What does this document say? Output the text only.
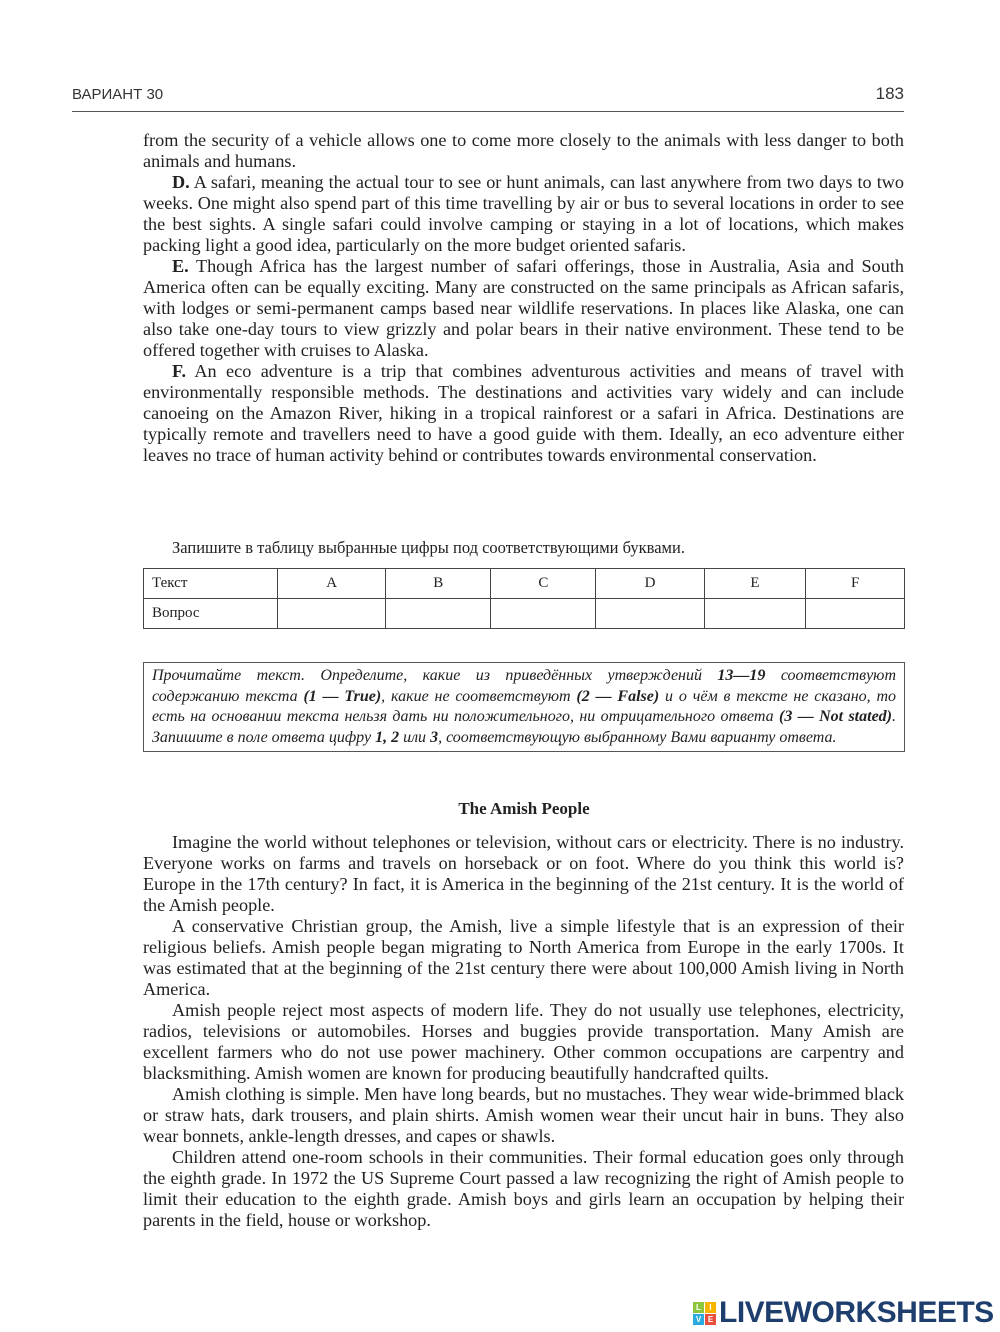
ВАРИАНТ 30	183

from the security of a vehicle allows one to come more closely to the animals with less danger to both animals and humans.

D. A safari, meaning the actual tour to see or hunt animals, can last anywhere from two days to two weeks. One might also spend part of this time travelling by air or bus to several locations in order to see the best sights. A single safari could involve camping or staying in a lot of locations, which makes packing light a good idea, particularly on the more budget oriented safaris.

E. Though Africa has the largest number of safari offerings, those in Australia, Asia and South America often can be equally exciting. Many are constructed on the same principals as African safaris, with lodges or semi-permanent camps based near wildlife reservations. In places like Alaska, one can also take one-day tours to view grizzly and polar bears in their native environment. These tend to be offered together with cruises to Alaska.

F. An eco adventure is a trip that combines adventurous activities and means of travel with environmentally responsible methods. The destinations and activities vary widely and can include canoeing on the Amazon River, hiking in a tropical rainforest or a safari in Africa. Destinations are typically remote and travellers need to have a good guide with them. Ideally, an eco adventure either leaves no trace of human activity behind or contributes towards environmental conservation.

Запишите в таблицу выбранные цифры под соответствующими буквами.
Текст	A	B	C	D	E	F
Вопрос						
Прочитайте текст. Определите, какие из приведённых утверждений 13—19 соответствуют содержанию текста (1 — True), какие не соответствуют (2 — False) и о чём в тексте не сказано, то есть на основании текста нельзя дать ни положительного, ни отрицательного ответа (3 — Not stated). Запишите в поле ответа цифру 1, 2 или 3, соответствующую выбранному Вами варианту ответа.
The Amish People

Imagine the world without telephones or television, without cars or electricity. There is no industry. Everyone works on farms and travels on horseback or on foot. Where do you think this world is? Europe in the 17th century? In fact, it is America in the beginning of the 21st century. It is the world of the Amish people.

A conservative Christian group, the Amish, live a simple lifestyle that is an expression of their religious beliefs. Amish people began migrating to North America from Europe in the early 1700s. It was estimated that at the beginning of the 21st century there were about 100,000 Amish living in North America.

Amish people reject most aspects of modern life. They do not usually use telephones, electricity, radios, televisions or automobiles. Horses and buggies provide transportation. Many Amish are excellent farmers who do not use power machinery. Other common occupations are carpentry and blacksmithing. Amish women are known for producing beautifully handcrafted quilts.

Amish clothing is simple. Men have long beards, but no mustaches. They wear wide-brimmed black or straw hats, dark trousers, and plain shirts. Amish women wear their uncut hair in buns. They also wear bonnets, ankle-length dresses, and capes or shawls.

Children attend one-room schools in their communities. Their formal education goes only through the eighth grade. In 1972 the US Supreme Court passed a law recognizing the right of Amish people to limit their education to the eighth grade. Amish boys and girls learn an occupation by helping their parents in the field, house or workshop.

L	I
V E LIVEWORKSHEETS
